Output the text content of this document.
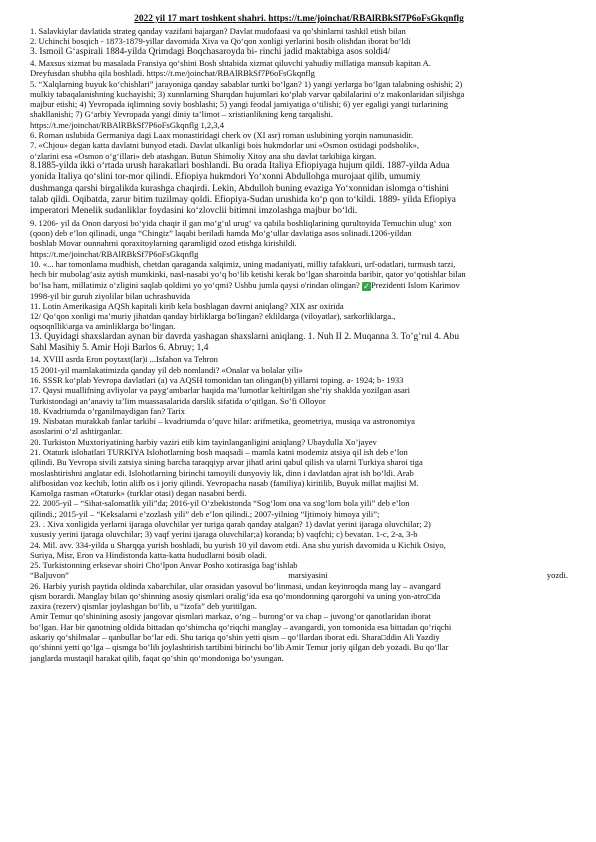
2022 yil 17 mart toshkent shahri. https://t.me/joinchat/RBAlRBkSf7P6oFsGkqnflg

1. Salavkiylar davlatida strateg qanday vazifani bajargan? Davlat mudofaasi va qo’shinlarni tashkil etish bilan

2. Uchinchi bosqich - 1873-1879-yillar davomida Xiva va Qo‘qon xonligi yerlarini bosib olishdan iborat bo‘ldi

3. Ismoil G‘aspirali 1884-yilda Qrimdagi Boqchasaroyda bi- rinchi jadid maktabiga asos soldi4/

4. Maxsus xizmat bu masalada Fransiya qo‘shini Bosh shtabida xizmat qiluvchi yahudiy millatiga mansub kapitan A.

Dreyfusdan shubha qila boshladi. https://t.me/joinchat/RBAlRBkSf7P6oFsGkqnflg

5. “Xalqlarning buyuk ko‘chishlari” jarayoniga qanday sabablar turtki bo‘lgan? 1) yangi yerlarga bo‘lgan talabning oshishi; 2)

mulkiy tabaqalanishning kuchayishi; 3) xunnlarning Sharqdan hujumlari ko‘plab varvar qabilalarini o‘z makonlaridan siljishga

majbur etishi; 4) Yevropada iqlimning soviy boshlashi; 5) yangi feodal jamiyatiga o‘tilishi; 6) yer egaligi yangi turlarining

shakllanishi; 7) G‘arbiy Yevropada yangi diniy ta’limot – xristianlikning keng tarqalishi.

https://t.me/joinchat/RBAlRBkSf7P6oFsGkqnflg 1,2,3,4

6. Roman uslubida Germaniya dagi Laax monastiridagi cherk ov (XI asr) roman uslubining yorqin namunasidir.

7. «Chjou» degan katta davlatni bunyod etadi. Davlat ulkanligi bois hukmdorlar uni «Osmon ostidagi podsholik»,

o‘zlarini esa «Osmon o‘g‘illari» deb atashgan. Butun Shimoliy Xitoy ana shu davlat tarkibiga kirgan.

8.1885-yilda ikki o‘rtada urush harakatlari boshlandi. Bu orada Italiya Efiopiyaga hujum qildi. 1887-yilda Adua

yonida Italiya qo‘slini tor-mor qilindi. Efiopiya hukmdori Yo‘xonni Abdullohga murojaat qilib, umumiy

dushmanga qarshi birgalikda kurashga chaqirdi. Lekin, Abdulloh buning evaziga Yo‘xonnidan islomga o‘tishini

talab qildi. Oqibatda, zarur bitim tuzilmay qoldi. Efiopiya-Sudan urushida ko‘p qon to‘kildi. 1889- yilda Efiopiya

imperatori Menelik sudanliklar foydasini ko‘zlovclii bitimni imzolashga majbur bo‘ldi.

9. 1206- yil da Onon daryosi bo‘yida chaqir il gan mo‘g‘ul urug‘ va qabila boshliqlarining qurultoyida Temuchin ulug‘ xon

(qoon) deb e’lon qilinadi, unga “Chingiz” laqabi beriladi hamda Mo‘g‘ullar davlatiga asos solinadi.1206-yildan

boshlab Movar ounnahrni qoraxitoylarning qaramligid ozod etishga kirishildi.

https://t.me/joinchat/RBAlRBkSf7P6oFsGkqnflg

10. «... har tomonlama mudhish, chetdan qaraganda xalqimiz, uning madaniyati, milliy tafakkuri, urf-odatlari, turmush tarzi,

hech bir mubolag‘asiz aytish mumkinki, nasl-nasabi yo‘q bo‘lib ketishi kerak bo‘lgan sharoitda baribir, qator yo‘qotishlar bilan

bo‘lsa ham, millatimiz o‘zligini saqlab qoldimi yo yo‘qmi? Ushbu jumla qaysi o'rindan olingan? ✓Prezidenti Islom Karimov

1998-yil bir guruh ziyolilar bilan uchrashuvida

11. Lotin Amerikasiga AQSh kapitali kirib kela boshlagan davrni aniqlang? XIX asr oxirida

12/ Qo‘qon xonligi ma’muriy jihatdan qanday birliklarga bo'lingan? eklildarga (viloyatlar), sarkorliklarga.,

oqsoqnllik\arga va aminliklarga bo‘lingan.

13. Quyidagi shaxslardan aynan bir davrda yashagan shaxslarni aniqlang. 1. Nuh II 2. Muqanna 3. To’g’rul 4. Abu

Sahl Masihiy 5. Amir Hoji Barlos 6. Abruy; 1,4

14. XVIII asrda Eron poytaxt(lar)i ...Isfahon va Tehron

15 2001-yil mamlakatimizda qanday yil deb nomlandi? «Onalar va bolalar yili»

16. SSSR ko‘plab Yevropa davlatlari (a) va AQSH tomonidan tan olingan(b) yillarni toping. a- 1924; b- 1933

17. Qaysi muallifning avliyolar va payg‘ambarlar haqida ma’lumotlar keltirilgan she’riy shaklda yozilgan asari

Turkistondagi an’anaviy ta’lim muassasalarida darslik sifatida o‘qitlgan. So’fi Olloyor

18. Kvadriumda o’rganilmaydigan fan? Tarix

19. Nisbatan murakkab fanlar tarkibi – kvadriumda o’quvc hilar: arifmetika, geometriya, musiqa va astronomiya

asoslarini o‘zl ashtirganlar.

20. Turkiston Muxtoriyatining harbiy vaziri etib kim tayinlanganligini aniqlang? Ubaydulla Xo’jayev

21. Otaturk islohatlari TURKIYA Islohotlarning bosh maqsadi – mamla katni modemiz atsiya qil ish deb e’lon

qilindi. Bu Yevropa sivili zatsiya sining barcha taraqqiyp arvar jihatl arini qabul qilish va ularni Turkiya sharoi tiga

moslashtirishni anglatar edi. Islohotlarning birinchi tamoyili dunyoviy lik, dinn i davlatdan ajrat ish bo‘ldi. Arab

alifbosidan voz kechib, lotin alifb os i joriy qilindi. Yevropacha nasab (familiya) kiritilib, Buyuk millat majlisi M.

Kamolga rasman «Otaturk» (turklar otasi) degan nasabni berdi.

22. 2005-yil – “Sihat-salomatlik yili”da; 2016-yil O‘zbekistonda “Sog‘lom ona va sog‘lom bola yili” deb e’lon

qilindi.; 2015-yil – “Keksalarni e’zozlash yili” deb e’lon qilindi.; 2007-yilning “Ijtimoiy himoya yili”;

23. . Xiva xonligida yerlarni ijaraga oluvchilar yer turiga qarab qanday atalgan? 1) davlat yerini ijaraga oluvchilar; 2)

xususiy yerini ijaraga oluvchilar; 3) vaqf yerini ijaraga oluvchilar;a) koranda; b) vaqfchi; c) bevatan. 1-c, 2-a, 3-b

24. Mil. avv. 334-yilda u Sharqqa yurish boshladi, bu yurish 10 yil davom etdi. Ana shu yurish davomida u Kichik Osiyo,

Suriya, Misr, Eron va Hindistonda katta-katta hududlarni bosib oladi.

25. Turkistonning erksevar shoiri Cho‘lpon Anvar Posho xotirasiga bag‘ishlab

“Baljuvon”	marsiyasini	yozdi.

26. Harbiy yurish paytida oldinda xabarchilar, ular orasidan yasovul bo‘linmasi, undan keyinroqda mang lay – avangard

qism borardi. Manglay bilan qo‘shinning asosiy qismlari oralig‘ida esa qo‘mondonning qarorgohi va uning yon-atro□da

zaxira (rezerv) qismlar joylashgan bo‘lib, u “izofa” deb yuritilgan.

Amir Temur qo‘shinining asosiy jangovar qismlari markaz, o‘ng – burong‘or va chap – juvong‘or qanotlaridan iborat

bo‘lgan. Har bir qanotning oldida bittadan qo‘shimcha qo‘riqchi manglay – avangardi, yon tomonida esa bittadan qo‘riqchi

askariy qo‘shilmalar – qanbullar bo‘lar edi. Shu tariqa qo‘shin yetti qism – qo‘llardan iborat edi. Shara□ddin Ali Yazdiy

qo‘shinni yetti qo‘lga – qismga bo‘lib joylashtirish tartibini birinchi bo‘lib Amir Temur joriy qilgan deb yozadi. Bu qo‘llar

janglarda mustaqil harakat qilib, faqat qo‘shin qo‘mondoniga bo‘ysungan.
